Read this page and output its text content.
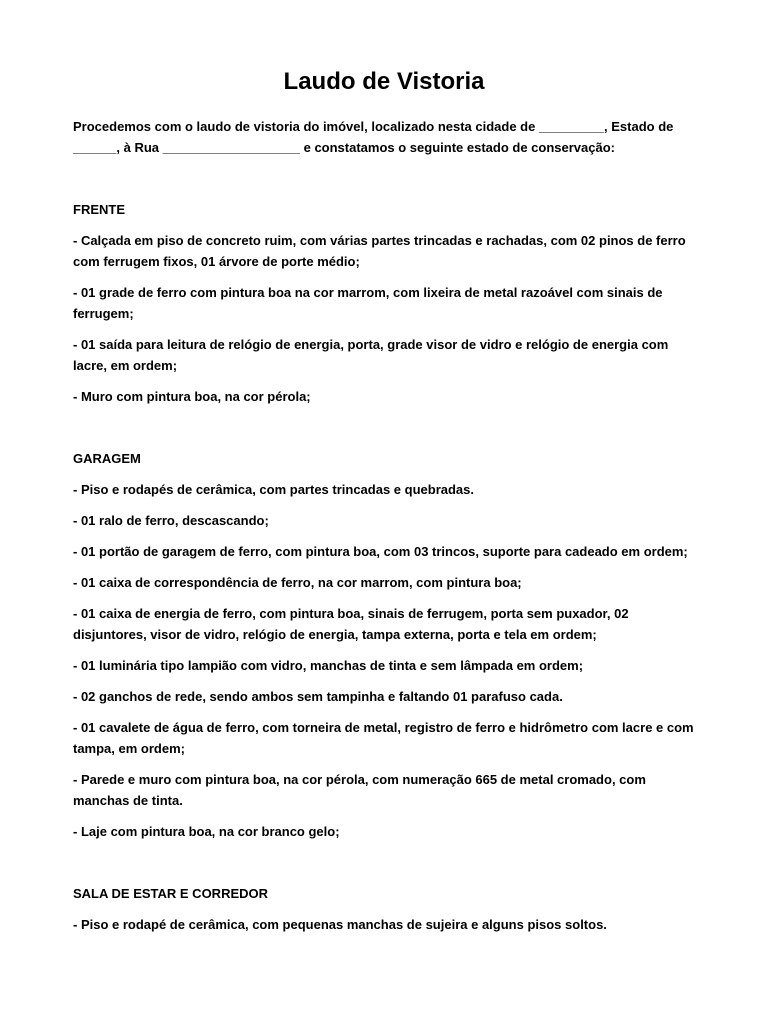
Laudo de Vistoria

Procedemos com o laudo de vistoria do imóvel, localizado nesta cidade de _________, Estado de ______, à Rua ___________________ e constatamos o seguinte estado de conservação:

FRENTE

- Calçada em piso de concreto ruim, com várias partes trincadas e rachadas, com 02 pinos de ferro com ferrugem fixos, 01 árvore de porte médio;

- 01 grade de ferro com pintura boa na cor marrom, com lixeira de metal razoável com sinais de ferrugem;

- 01 saída para leitura de relógio de energia, porta, grade visor de vidro e relógio de energia com lacre, em ordem;

- Muro com pintura boa, na cor pérola;

GARAGEM

- Piso e rodapés de cerâmica, com partes trincadas e quebradas.

- 01 ralo de ferro, descascando;

- 01 portão de garagem de ferro, com pintura boa, com 03 trincos, suporte para cadeado em ordem;

- 01 caixa de correspondência de ferro, na cor marrom, com pintura boa;

- 01 caixa de energia de ferro, com pintura boa, sinais de ferrugem, porta sem puxador, 02 disjuntores, visor de vidro, relógio de energia, tampa externa, porta e tela em ordem;

- 01 luminária tipo lampião com vidro, manchas de tinta e sem lâmpada em ordem;

- 02 ganchos de rede, sendo ambos sem tampinha e faltando 01 parafuso cada.

- 01 cavalete de água de ferro, com torneira de metal, registro de ferro e hidrômetro com lacre e com tampa, em ordem;

- Parede e muro com pintura boa, na cor pérola, com numeração 665 de metal cromado, com manchas de tinta.

- Laje com pintura boa, na cor branco gelo;

SALA DE ESTAR E CORREDOR

- Piso e rodapé de cerâmica, com pequenas manchas de sujeira e alguns pisos soltos.
